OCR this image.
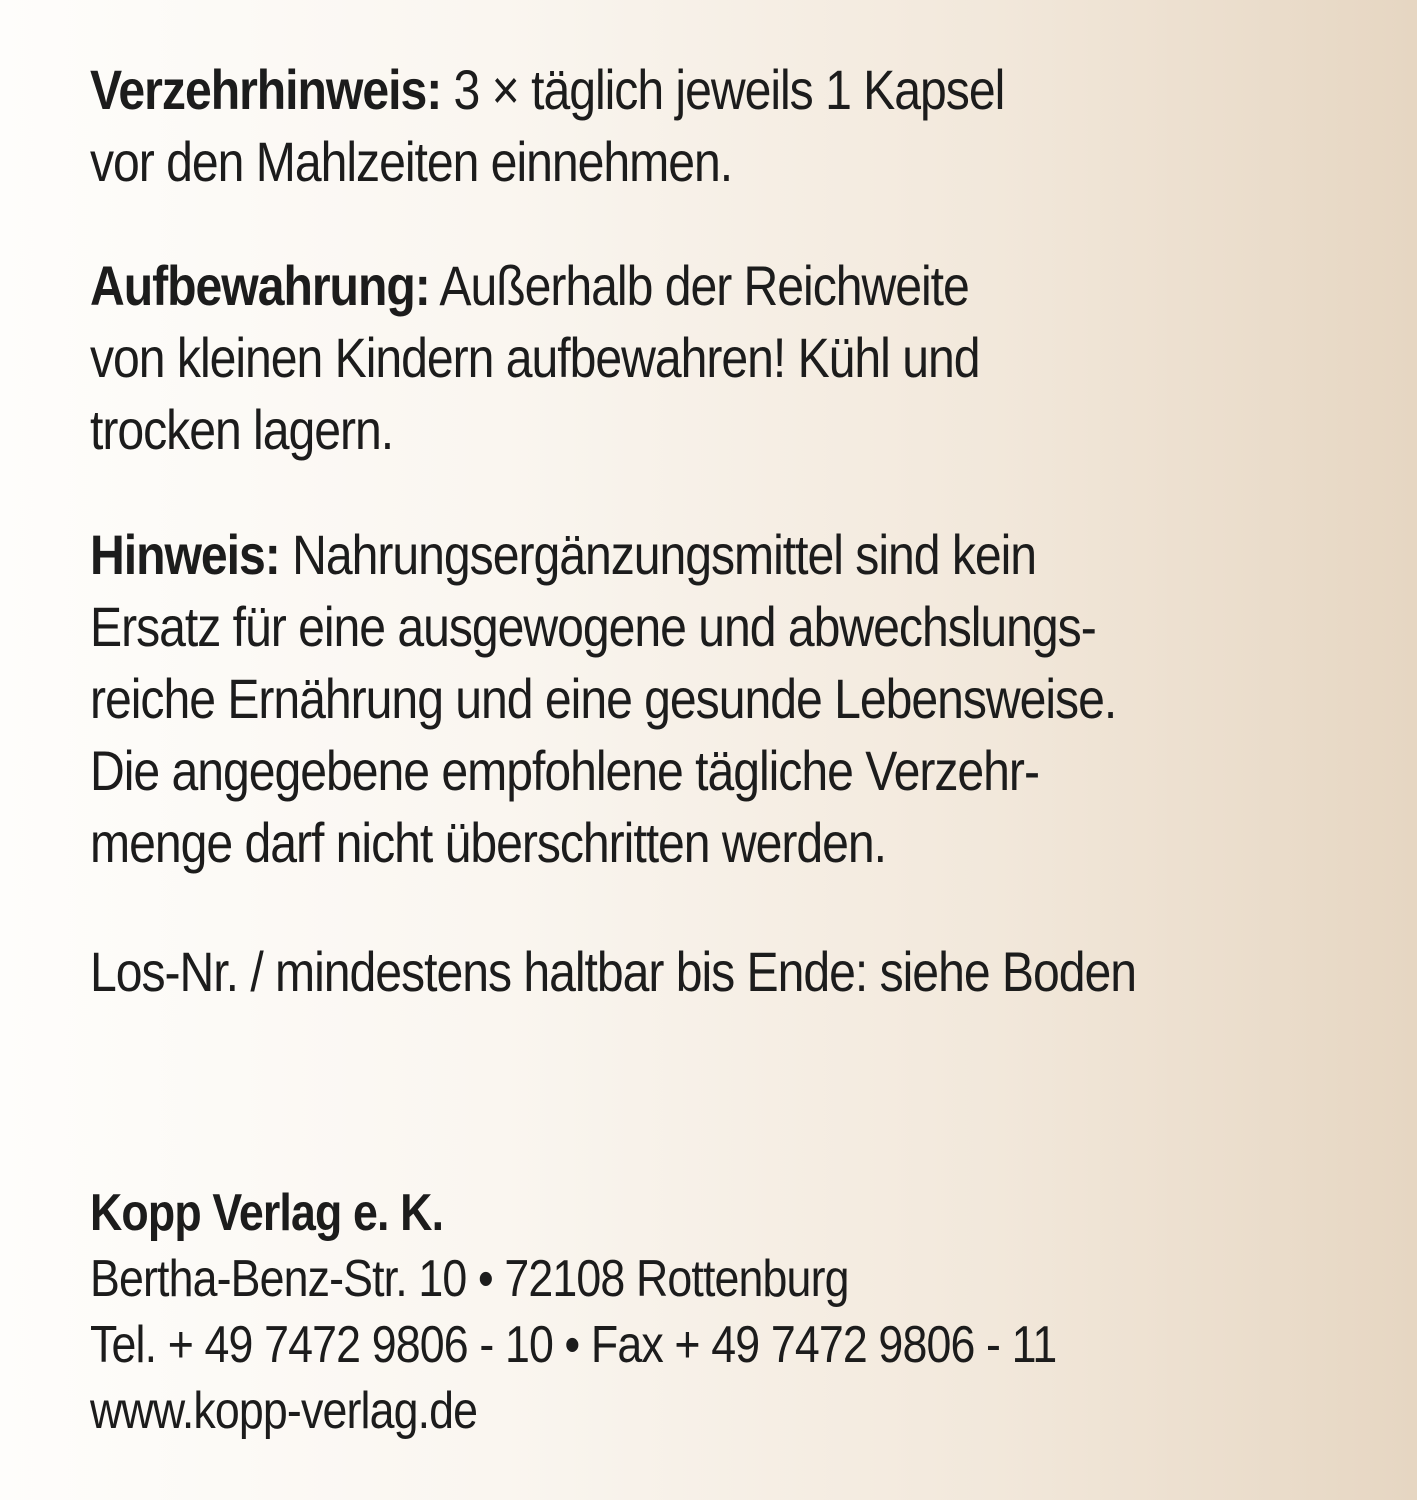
Verzehrhinweis: 3 × täglich jeweils 1 Kapsel

vor den Mahlzeiten einnehmen.

Aufbewahrung: Außerhalb der Reichweite

von kleinen Kindern aufbewahren! Kühl und

trocken lagern.

Hinweis: Nahrungsergänzungsmittel sind kein

Ersatz für eine ausgewogene und abwechslungs-

reiche Ernährung und eine gesunde Lebensweise.

Die angegebene empfohlene tägliche Verzehr-

menge darf nicht überschritten werden.

Los-Nr. / mindestens haltbar bis Ende: siehe Boden

Kopp Verlag e. K.

Bertha-Benz-Str. 10 • 72108 Rottenburg

Tel. + 49 7472 9806 - 10 • Fax + 49 7472 9806 - 11

www.kopp-verlag.de
